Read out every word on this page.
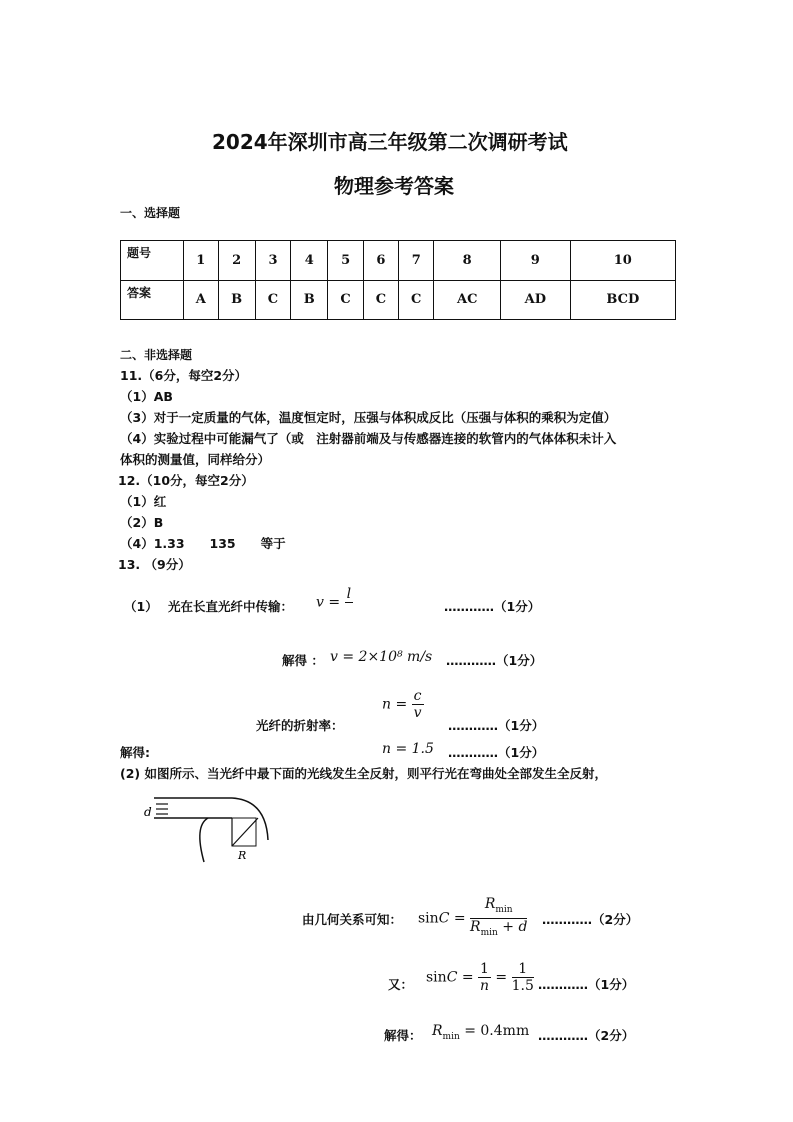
2024年深圳市高三年级第二次调研考试
物理参考答案
一、选择题
题号	1	2	3	4	5	6	7	8	9	10
答案	A	B	C	B	C	C	C	AC	AD	BCD
二、非选择题
11.（6分，每空2分）
（1）AB
（3）对于一定质量的气体，温度恒定时，压强与体积成反比（压强与体积的乘积为定值）
（4）实验过程中可能漏气了（或　注射器前端及与传感器连接的软管内的气体体积未计入
体积的测量值，同样给分）
12.（10分，每空2分）
（1）红
（2）B
（4）1.33　　135　　等于
13. （9分）
（1） 光在长直光纤中传输： v =
l

…………（1分）
解得 ： v = 2×10⁸ m/s …………（1分）
$n = \frac{c}{v}$
光纤的折射率：	…………（1分）
解得:	n = 1.5 …………（1分）
(2) 如图所示、当光纤中最下面的光线发生全反射，则平行光在弯曲处全部发生全反射，
d
R
由几何关系可知： $\sin C = \frac{R_{min}}{R_{min} + d}$ …………（2分）
又： $\sin C = \frac{1}{n} = \frac{1}{1.5}$ …………（1分）
解得： $R_{min} = 0.4mm$ …………（2分）
